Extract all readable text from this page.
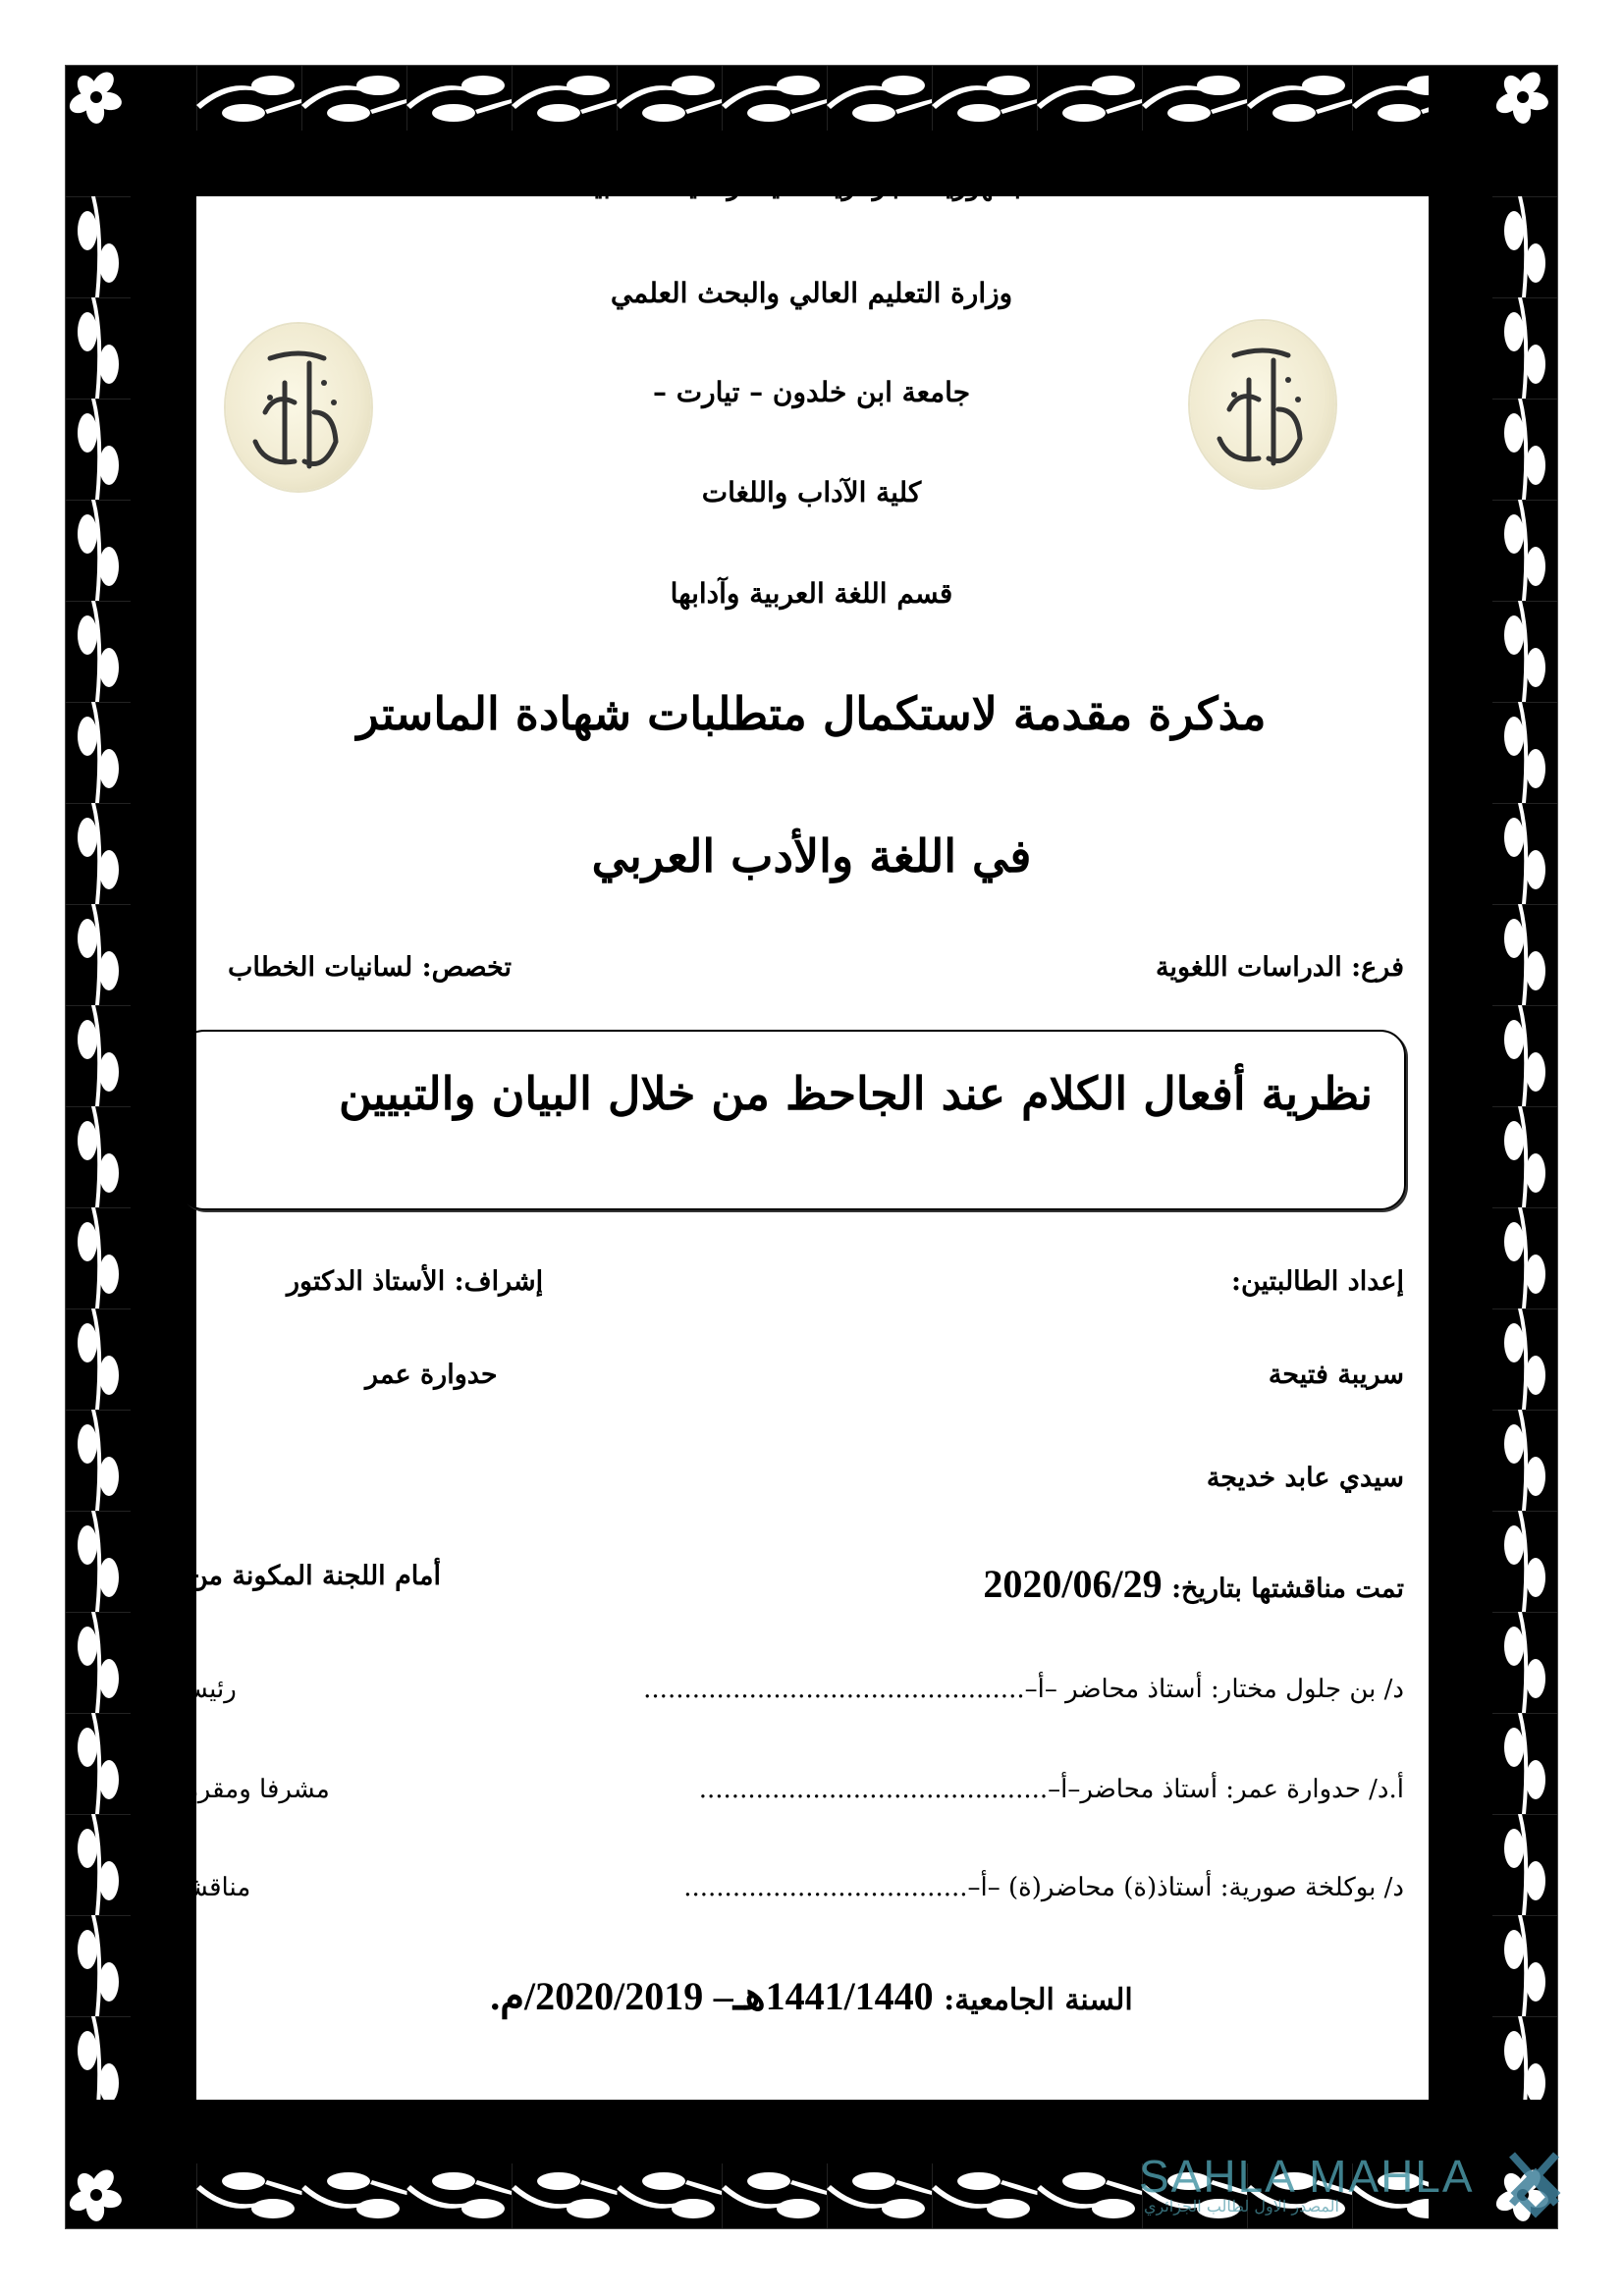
الجمهورية الجزائرية الديمقراطية الشعبية
وزارة التعليم العالي والبحث العلمي
جامعة ابن خلدون – تيارت –
كلية الآداب واللغات
قسم اللغة العربية وآدابها
مذكرة مقدمة لاستكمال متطلبات شهادة الماستر
في اللغة والأدب العربي
فرع: الدراسات اللغوية
تخصص: لسانيات الخطاب
نظرية أفعال الكلام عند الجاحظ من خلال البيان والتبيين
إعداد الطالبتين:
إشراف: الأستاذ الدكتور
سريبة فتيحة
حدوارة عمر
سيدي عابد خديجة
تمت مناقشتها بتاريخ: 2020/06/29
أمام اللجنة المكونة من:
د/ بن جلول مختار: أستاذ محاضر –أ–...............................................
رئيسا
أ.د/ حدوارة عمر: أستاذ محاضر–أ–...........................................
مشرفا ومقررا
د/ بوكلخة صورية: أستاذ(ة) محاضر(ة) –أ–...................................
مناقشا
السنة الجامعية: 1441/1440هـ– 2020/2019/م.
SAHLA MAHLA
المصدر الاول لطالب الجزائري
